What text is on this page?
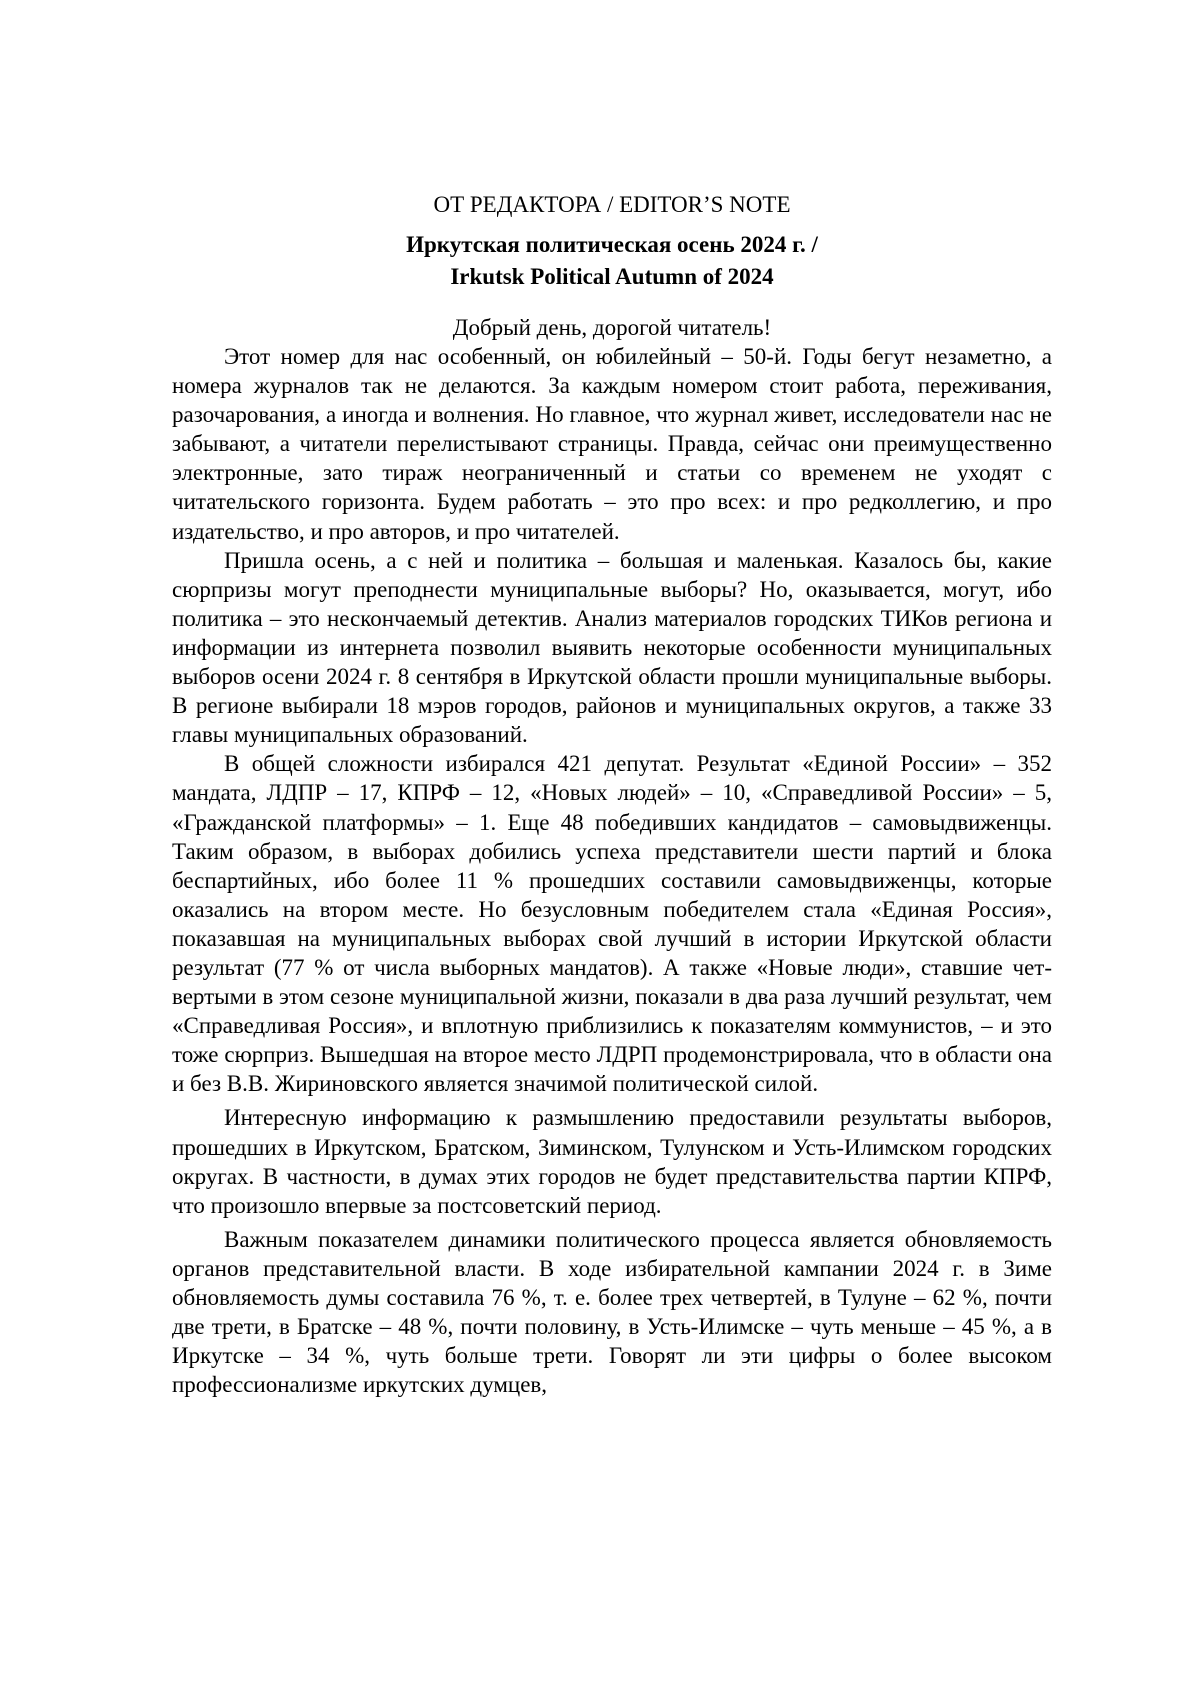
ОТ РЕДАКТОРА / EDITOR’S NOTE

Иркутская политическая осень 2024 г. /
Irkutsk Political Autumn of 2024

Добрый день, дорогой читатель!

Этот номер для нас особенный, он юбилейный – 50-й. Годы бегут незаметно, а номера журналов так не делаются. За каждым номером стоит работа, переживания, разочарования, а иногда и волнения. Но главное, что журнал живет, исследователи нас не забывают, а читатели перелистывают страницы. Правда, сейчас они преимущественно электронные, зато тираж неограниченный и статьи со временем не уходят с читательского горизонта. Будем работать – это про всех: и про редколлегию, и про издательство, и про авторов, и про читателей.

Пришла осень, а с ней и политика – большая и маленькая. Казалось бы, какие сюрпризы могут преподнести муниципальные выборы? Но, оказывается, могут, ибо политика – это нескончаемый детектив. Анализ материалов городских ТИКов региона и информации из интернета позволил выявить некоторые особенности муниципальных выборов осени 2024 г. 8 сентября в Иркутской области прошли муниципальные выборы. В регионе выбирали 18 мэров городов, районов и муниципальных округов, а также 33 главы муниципальных образований.

В общей сложности избирался 421 депутат. Результат «Единой России» – 352 мандата, ЛДПР – 17, КПРФ – 12, «Новых людей» – 10, «Справедливой России» – 5, «Гражданской платформы» – 1. Еще 48 победивших кандидатов – самовыдвиженцы. Таким образом, в выборах добились успеха представители шести партий и блока беспартийных, ибо более 11 % прошедших составили самовыдвиженцы, которые оказались на втором месте. Но безусловным победителем стала «Единая Россия», показавшая на муниципальных выборах свой лучший в истории Иркутской области результат (77 % от числа выборных мандатов). А также «Новые люди», ставшие четвертыми в этом сезоне муниципальной жизни, показали в два раза лучший результат, чем «Справедливая Россия», и вплотную приблизились к показателям коммунистов, – и это тоже сюрприз. Вышедшая на второе место ЛДРП продемонстрировала, что в области она и без В.В. Жириновского является значимой политической силой.

Интересную информацию к размышлению предоставили результаты выборов, прошедших в Иркутском, Братском, Зиминском, Тулунском и Усть-Илимском городских округах. В частности, в думах этих городов не будет представительства партии КПРФ, что произошло впервые за постсоветский период.

Важным показателем динамики политического процесса является обновляемость органов представительной власти. В ходе избирательной кампании 2024 г. в Зиме обновляемость думы составила 76 %, т. е. более трех четвертей, в Тулуне – 62 %, почти две трети, в Братске – 48 %, почти половину, в Усть-Илимске – чуть меньше – 45 %, а в Иркутске – 34 %, чуть больше трети. Говорят ли эти цифры о более высоком профессионализме иркутских думцев,
